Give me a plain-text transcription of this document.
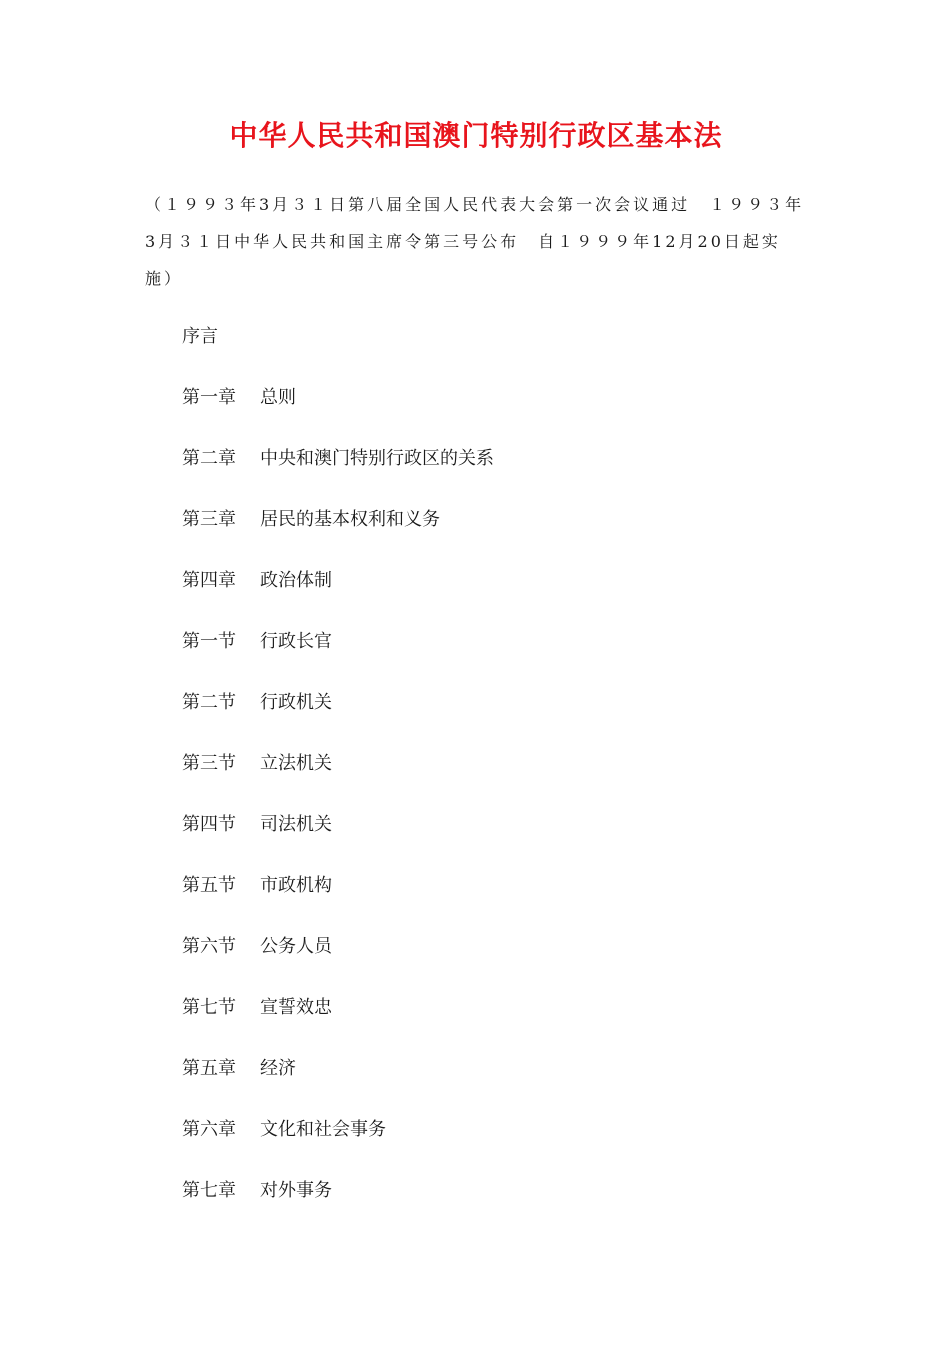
中华人民共和国澳门特别行政区基本法

（１９９３年3月３１日第八届全国人民代表大会第一次会议通过　１９９３年3月３１日中华人民共和国主席令第三号公布　自１９９９年12月20日起实施）

序言
第一章 总则
第二章 中央和澳门特别行政区的关系
第三章 居民的基本权利和义务
第四章 政治体制
第一节 行政长官
第二节 行政机关
第三节 立法机关
第四节 司法机关
第五节 市政机构
第六节 公务人员
第七节 宣誓效忠
第五章 经济
第六章 文化和社会事务
第七章 对外事务
